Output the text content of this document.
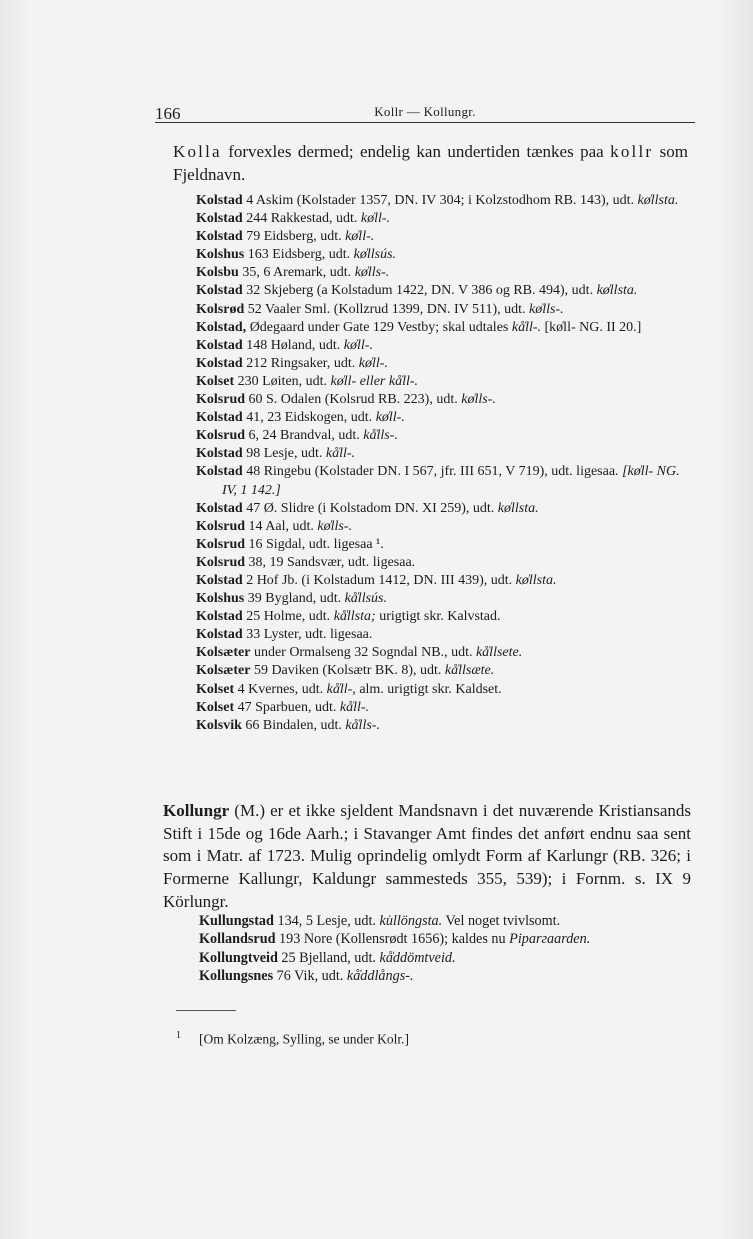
166	Kollr — Kollungr.
Kolla forvexles dermed; endelig kan undertiden tænkes paa kollr som Fjeldnavn.

Kolstad 4 Askim (Kolstader 1357, DN. IV 304; i Kolzstodhom RB. 143), udt. kø̍llsta.

Kolstad 244 Rakkestad, udt. kø̍ll-.

Kolstad 79 Eidsberg, udt. kø̍ll-.

Kolshus 163 Eidsberg, udt. kø̍llsús.

Kolsbu 35, 6 Aremark, udt. kø̍lls-.

Kolstad 32 Skjeberg (a Kolstadum 1422, DN. V 386 og RB. 494), udt. kø̍llsta.

Kolsrød 52 Vaaler Sml. (Kollzrud 1399, DN. IV 511), udt. kø̍lls-.

Kolstad, Ødegaard under Gate 129 Vestby; skal udtales kå̍ll-. [kø̍ll- NG. II 20.]

Kolstad 148 Høland, udt. kø̍ll-.

Kolstad 212 Ringsaker, udt. kø̍ll-.

Kolset 230 Løiten, udt. kø̍ll- eller kå̍ll-.

Kolsrud 60 S. Odalen (Kolsrud RB. 223), udt. kø̍lls-.

Kolstad 41, 23 Eidskogen, udt. kø̍ll-.

Kolsrud 6, 24 Brandval, udt. kå̍lls-.

Kolstad 98 Lesje, udt. kå̍ll-.

Kolstad 48 Ringebu (Kolstader DN. I 567, jfr. III 651, V 719), udt. ligesaa. [kø̍ll- NG. IV, 1 142.]

Kolstad 47 Ø. Slidre (i Kolstadom DN. XI 259), udt. kø̍llsta.

Kolsrud 14 Aal, udt. kø̍lls-.

Kolsrud 16 Sigdal, udt. ligesaa ¹.

Kolsrud 38, 19 Sandsvær, udt. ligesaa.

Kolstad 2 Hof Jb. (i Kolstadum 1412, DN. III 439), udt. kø̍llsta.

Kolshus 39 Bygland, udt. kå̍llsús.

Kolstad 25 Holme, udt. kå̍llsta; urigtigt skr. Kalvstad.

Kolstad 33 Lyster, udt. ligesaa.

Kolsæter under Ormalseng 32 Sogndal NB., udt. kå̍llsete.

Kolsæter 59 Daviken (Kolsætr BK. 8), udt. kå̍llsæte.

Kolset 4 Kvernes, udt. kå̍ll-, alm. urigtigt skr. Kaldset.

Kolset 47 Sparbuen, udt. kå̍ll-.

Kolsvik 66 Bindalen, udt. kå̍lls-.

Kollungr (M.) er et ikke sjeldent Mandsnavn i det nuværende Kristiansands Stift i 15de og 16de Aarh.; i Stavanger Amt findes det anført endnu saa sent som i Matr. af 1723. Mulig oprindelig omlydt Form af Karlungr (RB. 326; i Formerne Kallungr, Kaldungr sammesteds 355, 539); i Fornm. s. IX 9 Körlungr.

Kullungstad 134, 5 Lesje, udt. ku̍llöngsta. Vel noget tvivlsomt.

Kollandsrud 193 Nore (Kollensrødt 1656); kaldes nu Piparгaarden.

Kollungtveid 25 Bjelland, udt. kå̍ddömtveid.

Kollungsnes 76 Vik, udt. kå̍ddlångs-.

$^1$ [Om Kolzæng, Sylling, se under Kolr.]
